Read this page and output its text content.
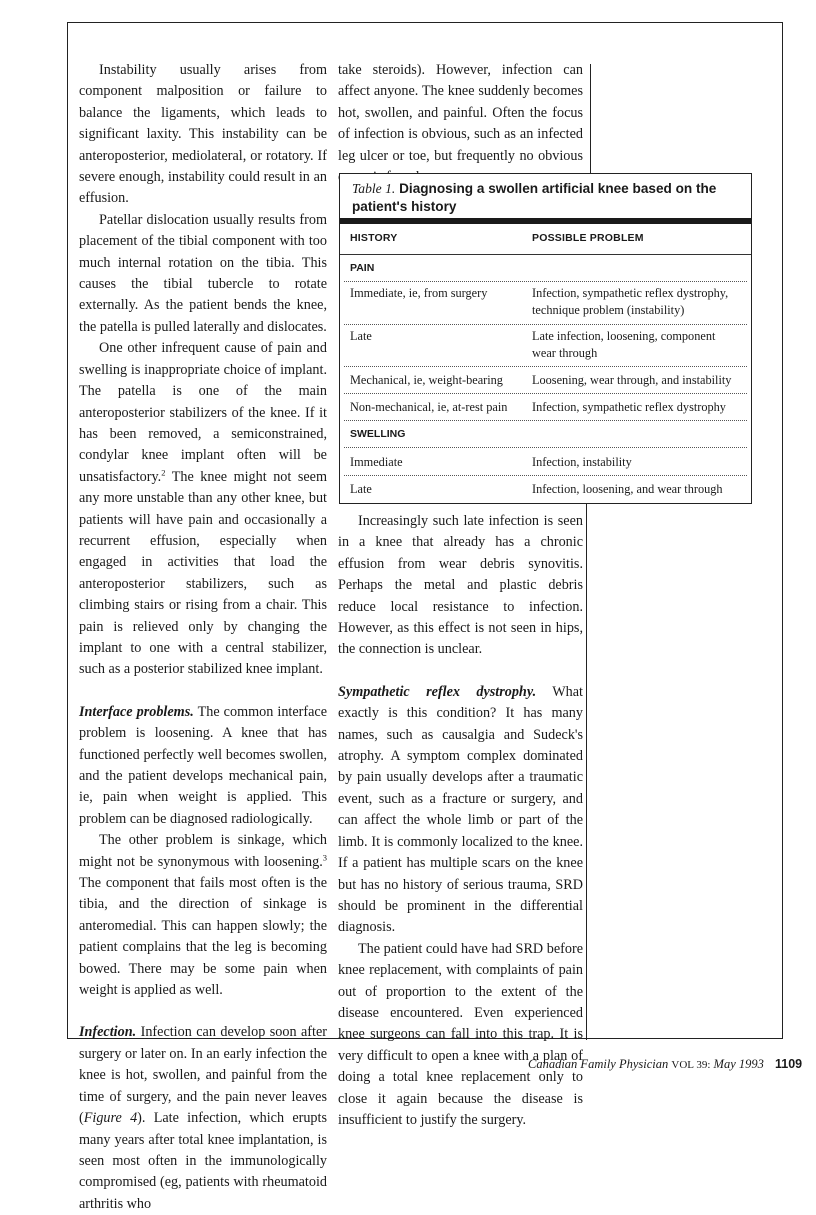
Instability usually arises from component malposition or failure to balance the ligaments, which leads to significant laxity. This instability can be anteroposterior, mediolateral, or rotatory. If severe enough, instability could result in an effusion.

Patellar dislocation usually results from placement of the tibial component with too much internal rotation on the tibia. This causes the tibial tubercle to rotate externally. As the patient bends the knee, the patella is pulled laterally and dislocates.

One other infrequent cause of pain and swelling is inappropriate choice of implant. The patella is one of the main anteroposterior stabilizers of the knee. If it has been removed, a semiconstrained, condylar knee implant often will be unsatisfactory.$^2$ The knee might not seem any more unstable than any other knee, but patients will have pain and occasionally a recurrent effusion, especially when engaged in activities that load the anteroposterior stabilizers, such as climbing stairs or rising from a chair. This pain is relieved only by changing the implant to one with a central stabilizer, such as a posterior stabilized knee implant.

Interface problems. The common interface problem is loosening. A knee that has functioned perfectly well becomes swollen, and the patient develops mechanical pain, ie, pain when weight is applied. This problem can be diagnosed radiologically.

The other problem is sinkage, which might not be synonymous with loosening.$^3$ The component that fails most often is the tibia, and the direction of sinkage is anteromedial. This can happen slowly; the patient complains that the leg is becoming bowed. There may be some pain when weight is applied as well.

Infection. Infection can develop soon after surgery or later on. In an early infection the knee is hot, swollen, and painful from the time of surgery, and the pain never leaves (Figure 4). Late infection, which erupts many years after total knee implantation, is seen most often in the immunologically compromised (eg, patients with rheumatoid arthritis who

take steroids). However, infection can affect anyone. The knee suddenly becomes hot, swollen, and painful. Often the focus of infection is obvious, such as an infected leg ulcer or toe, but frequently no obvious

Table 1. Diagnosing a swollen artificial knee based on the patient's history
HISTORY	POSSIBLE PROBLEM
PAIN
Immediate, ie, from surgery	Infection, sympathetic reflex dystrophy, technique problem (instability)
Late	Late infection, loosening, component wear through
Mechanical, ie, weight-bearing	Loosening, wear through, and instability
Non-mechanical, ie, at-rest pain	Infection, sympathetic reflex dystrophy
SWELLING
Immediate	Infection, instability
Late	Infection, loosening, and wear through

Increasingly such late infection is seen in a knee that already has a chronic effusion from wear debris synovitis. Perhaps the metal and plastic debris reduce local resistance to infection. However, as this effect is not seen in hips, the connection is unclear.

Sympathetic reflex dystrophy. What exactly is this condition? It has many names, such as causalgia and Sudeck's atrophy. A symptom complex dominated by pain usually develops after a traumatic event, such as a fracture or surgery, and can affect the whole limb or part of the limb. It is commonly localized to the knee. If a patient has multiple scars on the knee but has no history of serious trauma, SRD should be prominent in the differential diagnosis.

The patient could have had SRD before knee replacement, with complaints of pain out of proportion to the extent of the disease encountered. Even experienced knee surgeons can fall into this trap. It is very difficult to open a knee with a plan of doing a total knee replacement only to close it again because the disease is insufficient to justify the surgery.

Canadian Family Physician VOL 39: May 1993 1109
